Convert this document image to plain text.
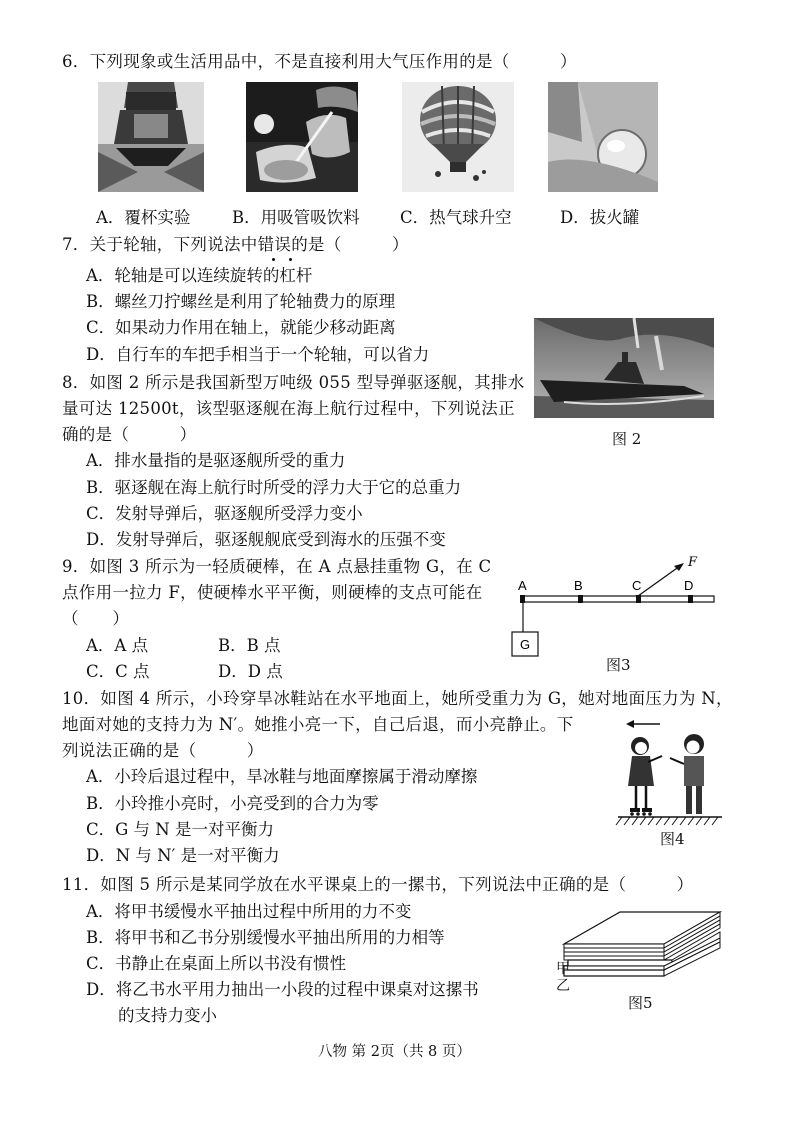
6．下列现象或生活用品中，不是直接利用大气压作用的是（　　　）
A．覆杯实验	B．用吸管吸饮料 C．热气球升空	D．拔火罐
7．关于轮轴，下列说法中错误的是（　　　）
A．轮轴是可以连续旋转的杠杆
B．螺丝刀拧螺丝是利用了轮轴费力的原理
C．如果动力作用在轴上，就能少移动距离
D．自行车的车把手相当于一个轮轴，可以省力
图 2
8．如图 2 所示是我国新型万吨级 055 型导弹驱逐舰，其排水
量可达 12500t，该型驱逐舰在海上航行过程中，下列说法正
确的是（　　　）
A．排水量指的是驱逐舰所受的重力
B．驱逐舰在海上航行时所受的浮力大于它的总重力
C．发射导弹后，驱逐舰所受浮力变小
D．发射导弹后，驱逐舰舰底受到海水的压强不变
9．如图 3 所示为一轻质硬棒，在 A 点悬挂重物 G，在 C
点作用一拉力 F，使硬棒水平平衡，则硬棒的支点可能在
（　　）
A．A 点	B．B 点
C．C 点	D．D 点
A	B	C	D
F
G
图3
10．如图 4 所示，小玲穿旱冰鞋站在水平地面上，她所受重力为 G，她对地面压力为 N，
地面对她的支持力为 N′。她推小亮一下，自己后退，而小亮静止。下
列说法正确的是（　　　）
A．小玲后退过程中，旱冰鞋与地面摩擦属于滑动摩擦
B．小玲推小亮时，小亮受到的合力为零
C．G 与 N 是一对平衡力
D．N 与 N′ 是一对平衡力
图4
11．如图 5 所示是某同学放在水平课桌上的一摞书，下列说法中正确的是（　　　）
A．将甲书缓慢水平抽出过程中所用的力不变
B．将甲书和乙书分别缓慢水平抽出所用的力相等
C．书静止在桌面上所以书没有惯性
D．将乙书水平用力抽出一小段的过程中课桌对这摞书
的支持力变小
甲
乙
图5
八物 第 2页（共 8 页）
